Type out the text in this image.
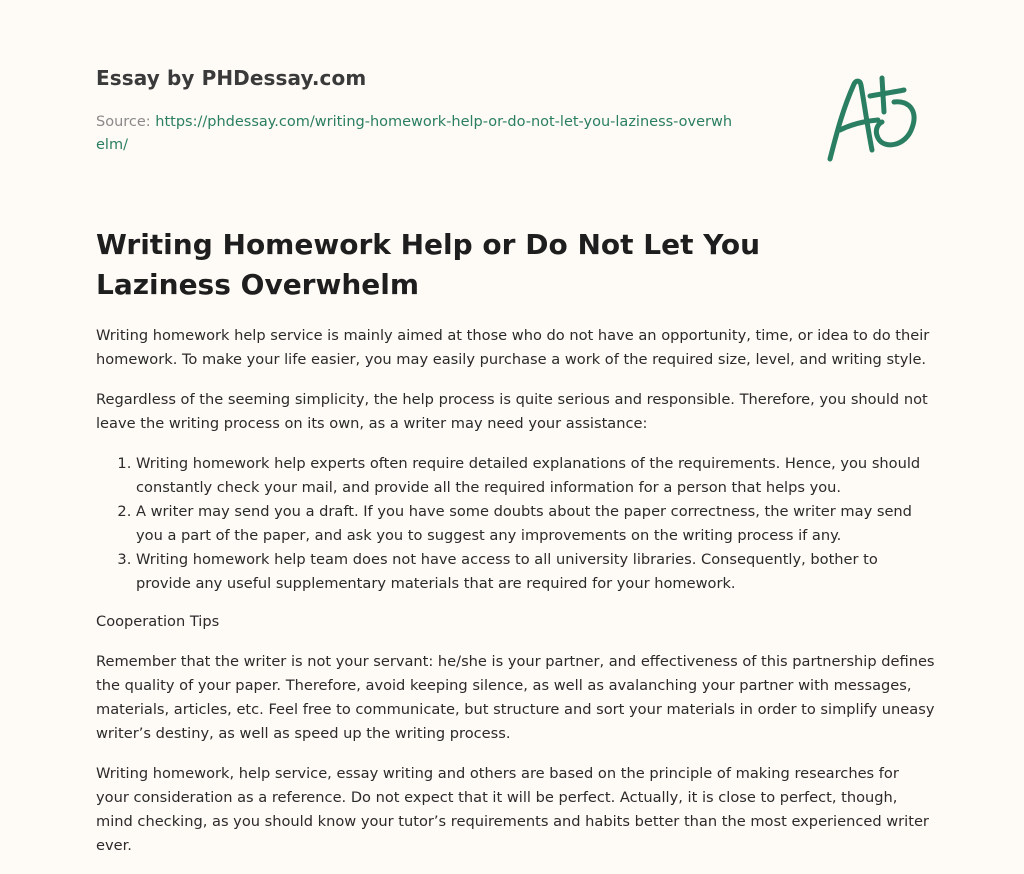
Essay by PHDessay.com

Source: https://phdessay.com/writing-homework-help-or-do-not-let-you-laziness-overwhelm/

Writing Homework Help or Do Not Let You Laziness Overwhelm

Writing homework help service is mainly aimed at those who do not have an opportunity, time, or idea to do their homework. To make your life easier, you may easily purchase a work of the required size, level, and writing style.

Regardless of the seeming simplicity, the help process is quite serious and responsible. Therefore, you should not leave the writing process on its own, as a writer may need your assistance:

1. Writing homework help experts often require detailed explanations of the requirements. Hence, you should constantly check your mail, and provide all the required information for a person that helps you.
2. A writer may send you a draft. If you have some doubts about the paper correctness, the writer may send you a part of the paper, and ask you to suggest any improvements on the writing process if any.
3. Writing homework help team does not have access to all university libraries. Consequently, bother to provide any useful supplementary materials that are required for your homework.

Cooperation Tips

Remember that the writer is not your servant: he/she is your partner, and effectiveness of this partnership defines the quality of your paper. Therefore, avoid keeping silence, as well as avalanching your partner with messages, materials, articles, etc. Feel free to communicate, but structure and sort your materials in order to simplify uneasy writer’s destiny, as well as speed up the writing process.

Writing homework, help service, essay writing and others are based on the principle of making researches for your consideration as a reference. Do not expect that it will be perfect. Actually, it is close to perfect, though, mind checking, as you should know your tutor’s requirements and habits better than the most experienced writer ever.
